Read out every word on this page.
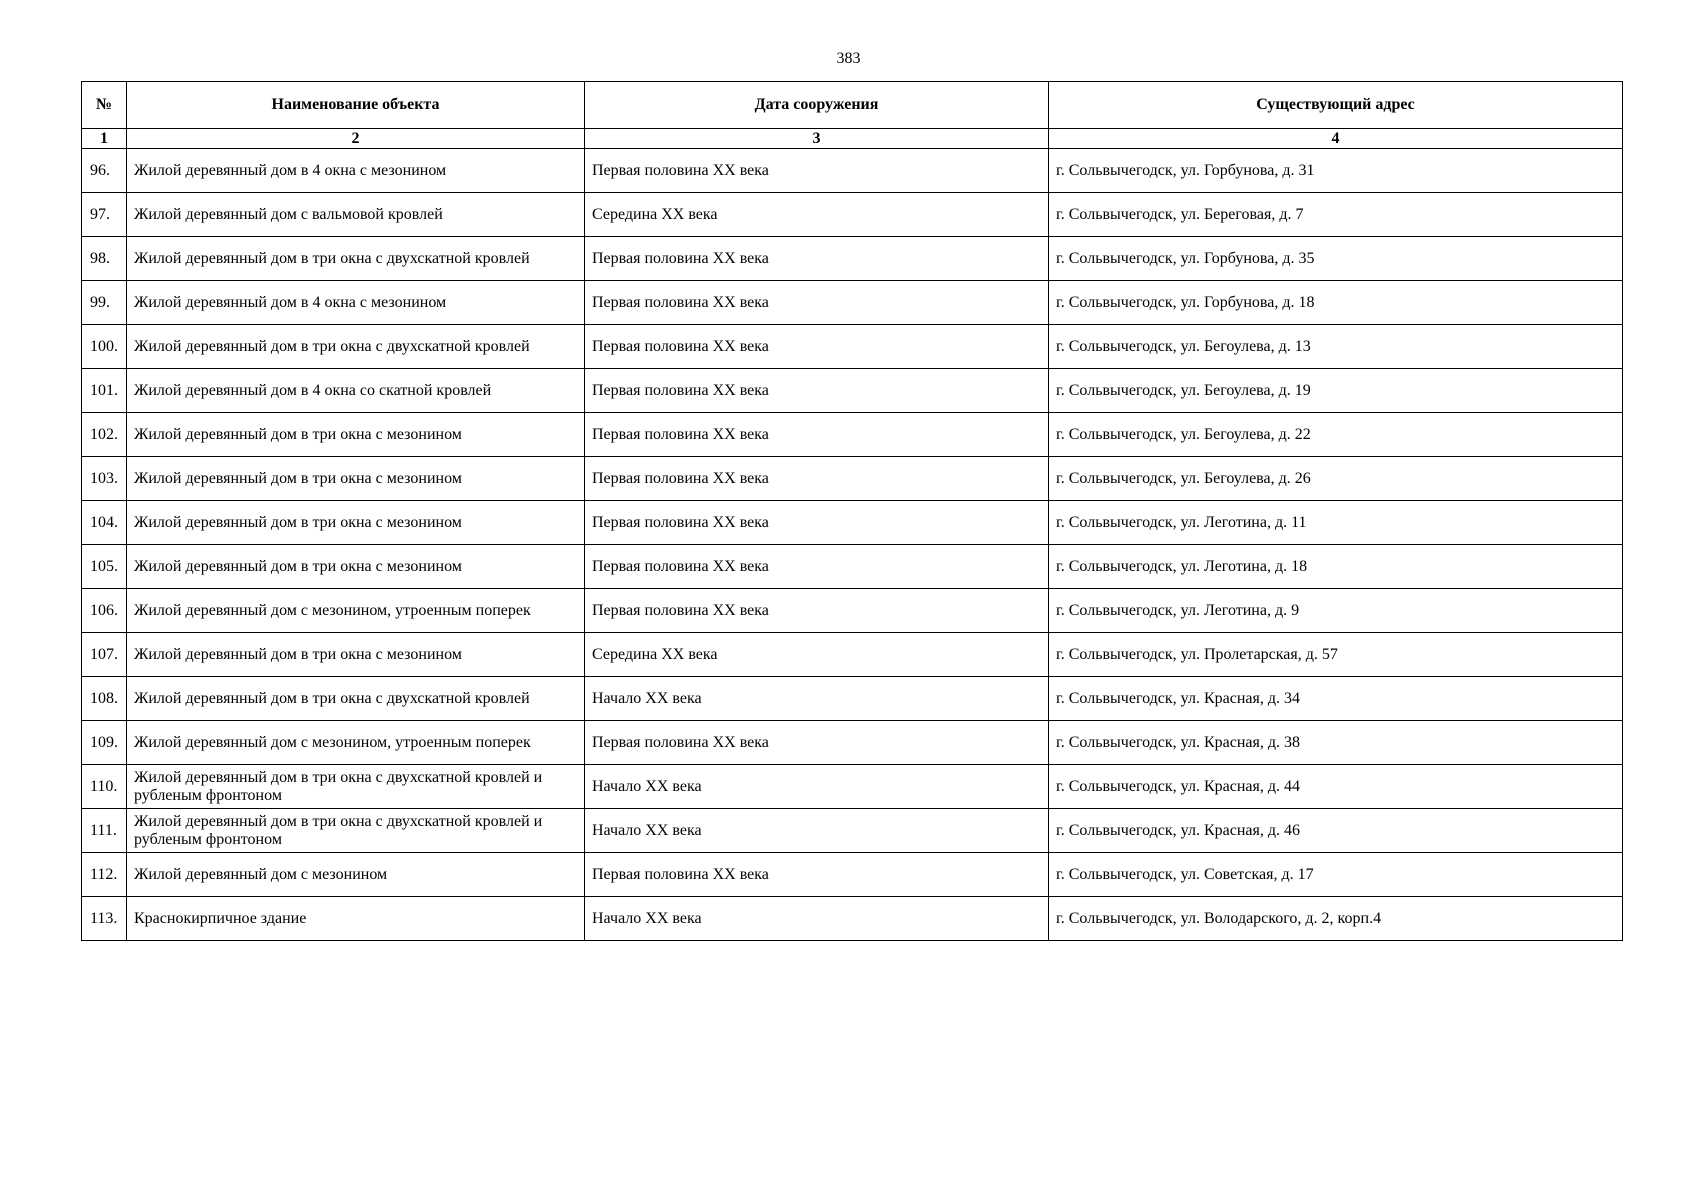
383
№	Наименование объекта	Дата сооружения	Существующий адрес
1	2	3	4
96.	Жилой деревянный дом в 4 окна с мезонином	Первая половина XX века	г. Сольвычегодск, ул. Горбунова, д. 31
97.	Жилой деревянный дом с вальмовой кровлей	Середина XX века	г. Сольвычегодск, ул. Береговая, д. 7
98.	Жилой деревянный дом в три окна с двухскатной кровлей	Первая половина XX века	г. Сольвычегодск, ул. Горбунова, д. 35
99.	Жилой деревянный дом в 4 окна с мезонином	Первая половина XX века	г. Сольвычегодск, ул. Горбунова, д. 18
100.	Жилой деревянный дом в три окна с двухскатной кровлей	Первая половина XX века	г. Сольвычегодск, ул. Бегоулева, д. 13
101.	Жилой деревянный дом в 4 окна со скатной кровлей	Первая половина XX века	г. Сольвычегодск, ул. Бегоулева, д. 19
102.	Жилой деревянный дом в три окна с мезонином	Первая половина XX века	г. Сольвычегодск, ул. Бегоулева, д. 22
103.	Жилой деревянный дом в три окна с мезонином	Первая половина XX века	г. Сольвычегодск, ул. Бегоулева, д. 26
104.	Жилой деревянный дом в три окна с мезонином	Первая половина XX века	г. Сольвычегодск, ул. Леготина, д. 11
105.	Жилой деревянный дом в три окна с мезонином	Первая половина XX века	г. Сольвычегодск, ул. Леготина, д. 18
106.	Жилой деревянный дом с мезонином, утроенным поперек	Первая половина XX века	г. Сольвычегодск, ул. Леготина, д. 9
107.	Жилой деревянный дом в три окна с мезонином	Середина XX века	г. Сольвычегодск, ул. Пролетарская, д. 57
108.	Жилой деревянный дом в три окна с двухскатной кровлей	Начало XX века	г. Сольвычегодск, ул. Красная, д. 34
109.	Жилой деревянный дом с мезонином, утроенным поперек	Первая половина XX века	г. Сольвычегодск, ул. Красная, д. 38
110.	Жилой деревянный дом в три окна с двухскатной кровлей и рубленым фронтоном	Начало XX века	г. Сольвычегодск, ул. Красная, д. 44
111.	Жилой деревянный дом в три окна с двухскатной кровлей и рубленым фронтоном	Начало XX века	г. Сольвычегодск, ул. Красная, д. 46
112.	Жилой деревянный дом с мезонином	Первая половина XX века	г. Сольвычегодск, ул. Советская, д. 17
113.	Краснокирпичное здание	Начало XX века	г. Сольвычегодск, ул. Володарского, д. 2, корп.4
